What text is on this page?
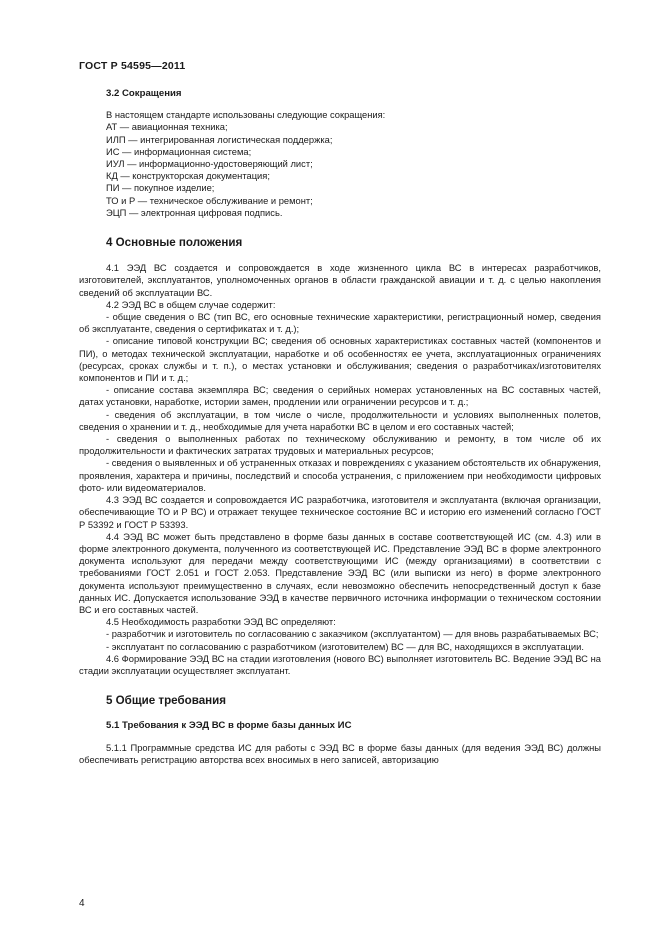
ГОСТ Р 54595—2011
3.2 Сокращения
В настоящем стандарте использованы следующие сокращения:
АТ — авиационная техника;
ИЛП — интегрированная логистическая поддержка;
ИС — информационная система;
ИУЛ — информационно-удостоверяющий лист;
КД — конструкторская документация;
ПИ — покупное изделие;
ТО и Р — техническое обслуживание и ремонт;
ЭЦП — электронная цифровая подпись.
4 Основные положения

4.1 ЭЭД ВС создается и сопровождается в ходе жизненного цикла ВС в интересах разработчиков, изготовителей, эксплуатантов, уполномоченных органов в области гражданской авиации и т. д. с целью накопления сведений об эксплуатации ВС.

4.2 ЭЭД ВС в общем случае содержит:

- общие сведения о ВС (тип ВС, его основные технические характеристики, регистрационный номер, сведения об эксплуатанте, сведения о сертификатах и т. д.);

- описание типовой конструкции ВС; сведения об основных характеристиках составных частей (компонентов и ПИ), о методах технической эксплуатации, наработке и об особенностях ее учета, эксплуатационных ограничениях (ресурсах, сроках службы и т. п.), о местах установки и обслуживания; сведения о разработчиках/изготовителях компонентов и ПИ и т. д.;

- описание состава экземпляра ВС; сведения о серийных номерах установленных на ВС составных частей, датах установки, наработке, истории замен, продлении или ограничении ресурсов и т. д.;

- сведения об эксплуатации, в том числе о числе, продолжительности и условиях выполненных полетов, сведения о хранении и т. д., необходимые для учета наработки ВС в целом и его составных частей;

- сведения о выполненных работах по техническому обслуживанию и ремонту, в том числе об их продолжительности и фактических затратах трудовых и материальных ресурсов;

- сведения о выявленных и об устраненных отказах и повреждениях с указанием обстоятельств их обнаружения, проявления, характера и причины, последствий и способа устранения, с приложением при необходимости цифровых фото- или видеоматериалов.

4.3 ЭЭД ВС создается и сопровождается ИС разработчика, изготовителя и эксплуатанта (включая организации, обеспечивающие ТО и Р ВС) и отражает текущее техническое состояние ВС и историю его изменений согласно ГОСТ Р 53392 и ГОСТ Р 53393.

4.4 ЭЭД ВС может быть представлено в форме базы данных в составе соответствующей ИС (см. 4.3) или в форме электронного документа, полученного из соответствующей ИС. Представление ЭЭД ВС в форме электронного документа используют для передачи между соответствующими ИС (между организациями) в соответствии с требованиями ГОСТ 2.051 и ГОСТ 2.053. Представление ЭЭД ВС (или выписки из него) в форме электронного документа используют преимущественно в случаях, если невозможно обеспечить непосредственный доступ к базе данных ИС. Допускается использование ЭЭД в качестве первичного источника информации о техническом состоянии ВС и его составных частей.

4.5 Необходимость разработки ЭЭД ВС определяют:

- разработчик и изготовитель по согласованию с заказчиком (эксплуатантом) — для вновь разрабатываемых ВС;

- эксплуатант по согласованию с разработчиком (изготовителем) ВС — для ВС, находящихся в эксплуатации.

4.6 Формирование ЭЭД ВС на стадии изготовления (нового ВС) выполняет изготовитель ВС. Ведение ЭЭД ВС на стадии эксплуатации осуществляет эксплуатант.

5 Общие требования
5.1 Требования к ЭЭД ВС в форме базы данных ИС

5.1.1 Программные средства ИС для работы с ЭЭД ВС в форме базы данных (для ведения ЭЭД ВС) должны обеспечивать регистрацию авторства всех вносимых в него записей, авторизацию

4
